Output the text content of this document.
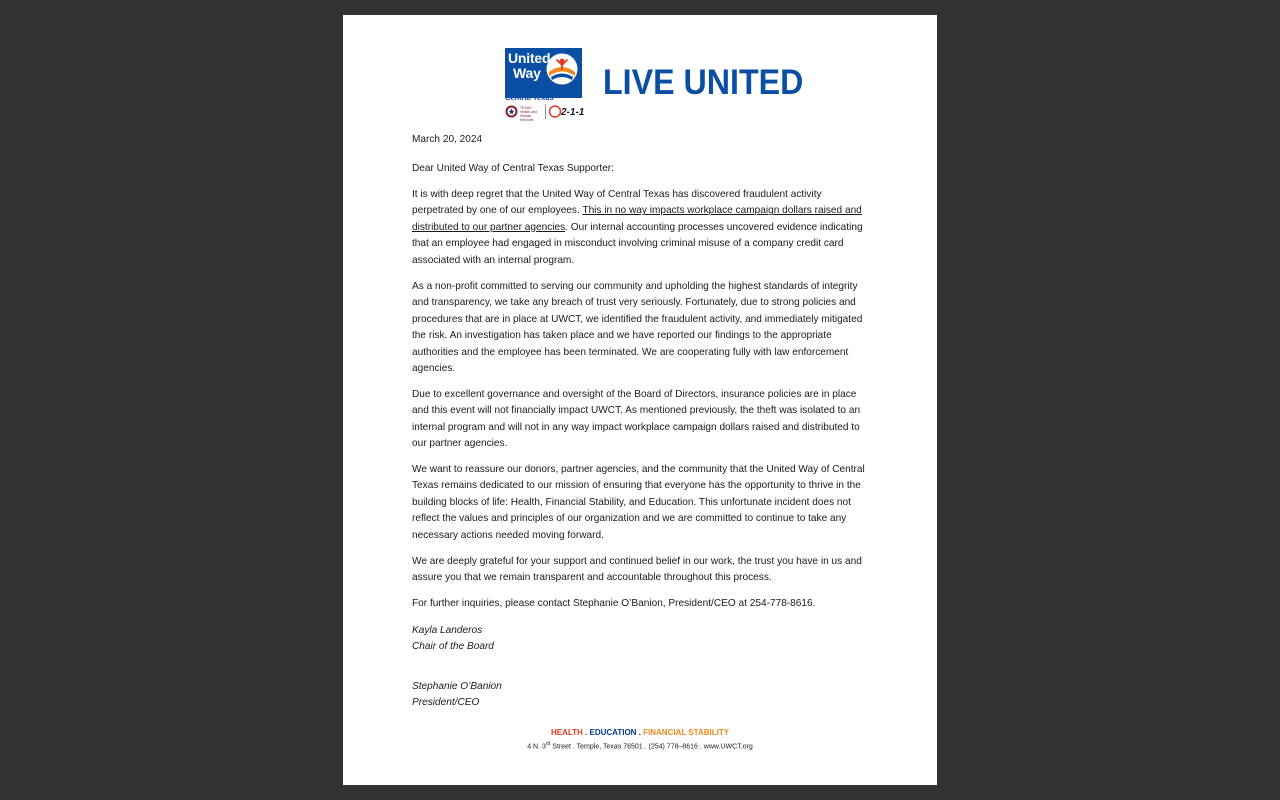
United
Way
United Way of
Central Texas
TEXAS Health and Human Services
2-1-1
LIVE UNITED
March 20, 2024
Dear United Way of Central Texas Supporter:

It is with deep regret that the United Way of Central Texas has discovered fraudulent activity perpetrated by one of our employees. This in no way impacts workplace campaign dollars raised and distributed to our partner agencies. Our internal accounting processes uncovered evidence indicating that an employee had engaged in misconduct involving criminal misuse of a company credit card associated with an internal program.

As a non-profit committed to serving our community and upholding the highest standards of integrity and transparency, we take any breach of trust very seriously. Fortunately, due to strong policies and procedures that are in place at UWCT, we identified the fraudulent activity, and immediately mitigated the risk. An investigation has taken place and we have reported our findings to the appropriate authorities and the employee has been terminated. We are cooperating fully with law enforcement agencies.
Due to excellent governance and oversight of the Board of Directors, insurance policies are in place and this event will not financially impact UWCT. As mentioned previously, the theft was isolated to an internal program and will not in any way impact workplace campaign dollars raised and distributed to our partner agencies.
We want to reassure our donors, partner agencies, and the community that the United Way of Central Texas remains dedicated to our mission of ensuring that everyone has the opportunity to thrive in the building blocks of life: Health, Financial Stability, and Education. This unfortunate incident does not reflect the values and principles of our organization and we are committed to continue to take any necessary actions needed moving forward.
We are deeply grateful for your support and continued belief in our work, the trust you have in us and assure you that we remain transparent and accountable throughout this process.
For further inquiries, please contact Stephanie O’Banion, President/CEO at 254-778-8616.
Kayla Landeros
Chair of the Board
Stephanie O’Banion
President/CEO
HEALTH . EDUCATION . FINANCIAL STABILITY
4 N. 3rd Street . Temple, Texas 76501 . (254) 778–8616 . www.UWCT.org
